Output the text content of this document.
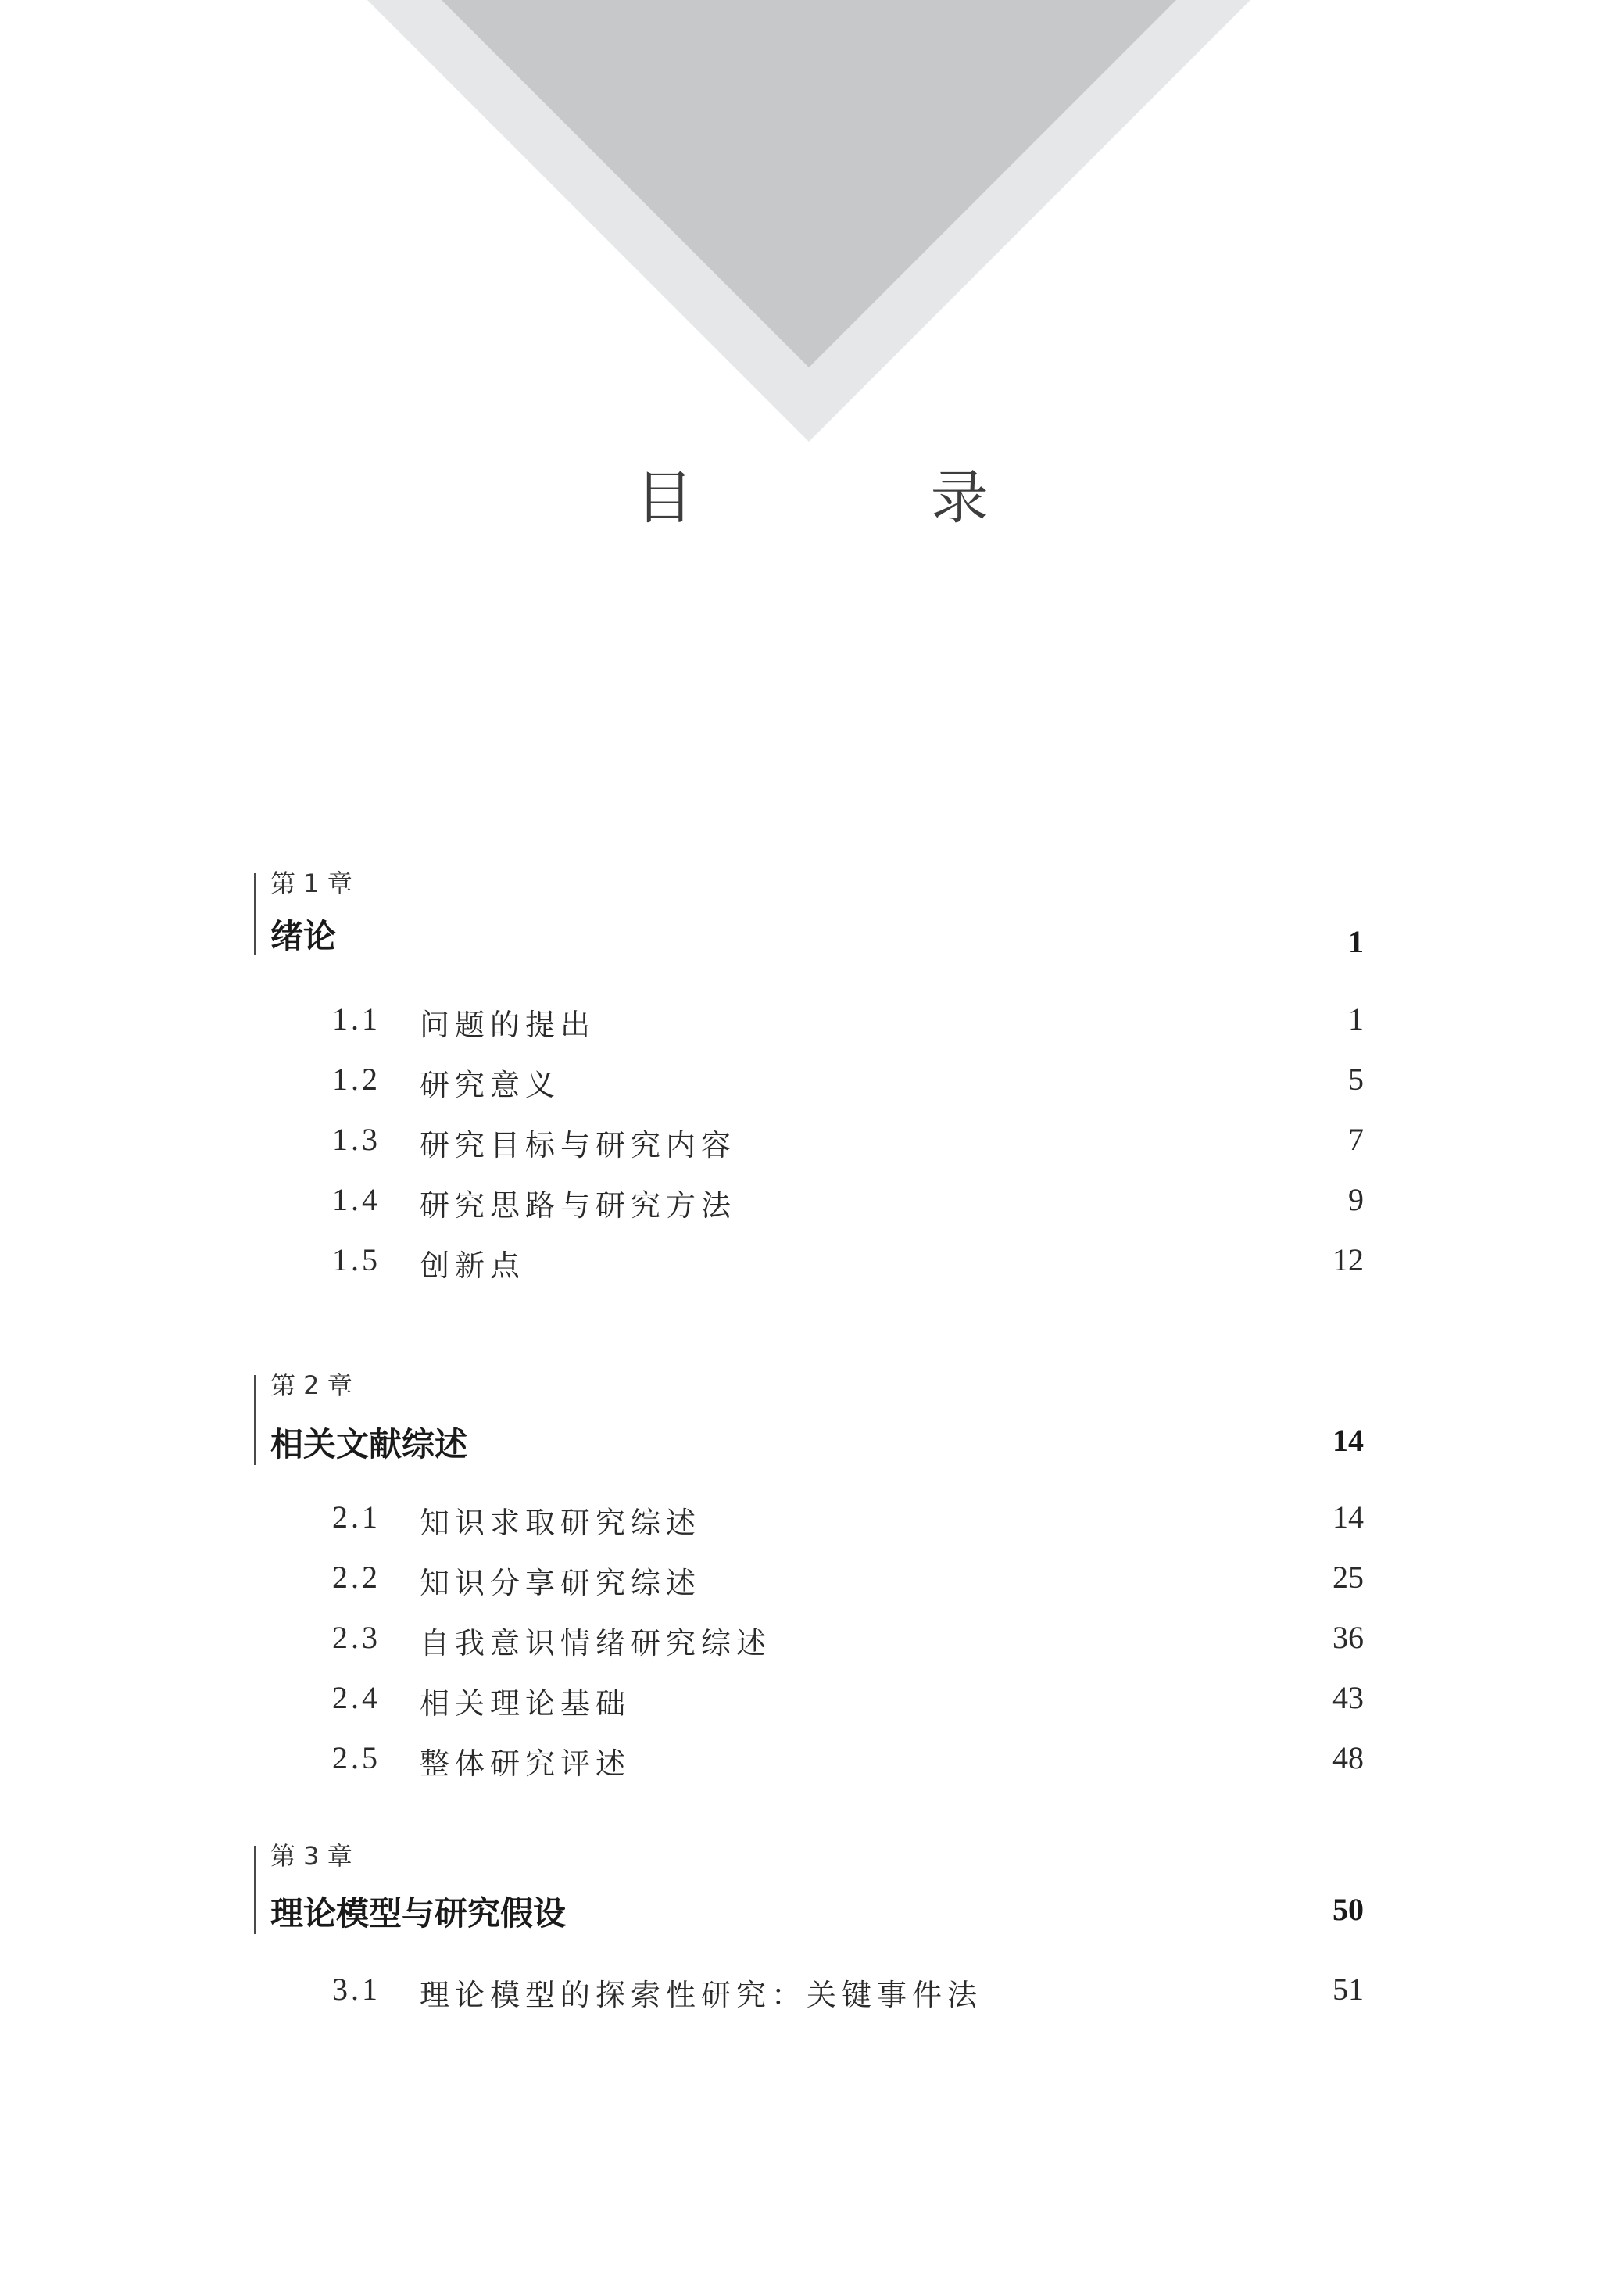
目 录
第 1 章
绪论	1
1.1 问题的提出	1
1.2 研究意义	5
1.3 研究目标与研究内容	7
1.4 研究思路与研究方法	9
1.5 创新点	12
第 2 章
相关文献综述	14
2.1 知识求取研究综述	14
2.2 知识分享研究综述	25
2.3 自我意识情绪研究综述	36
2.4 相关理论基础	43
2.5 整体研究评述	48
第 3 章
理论模型与研究假设	50
3.1 理论模型的探索性研究：关键事件法	51
